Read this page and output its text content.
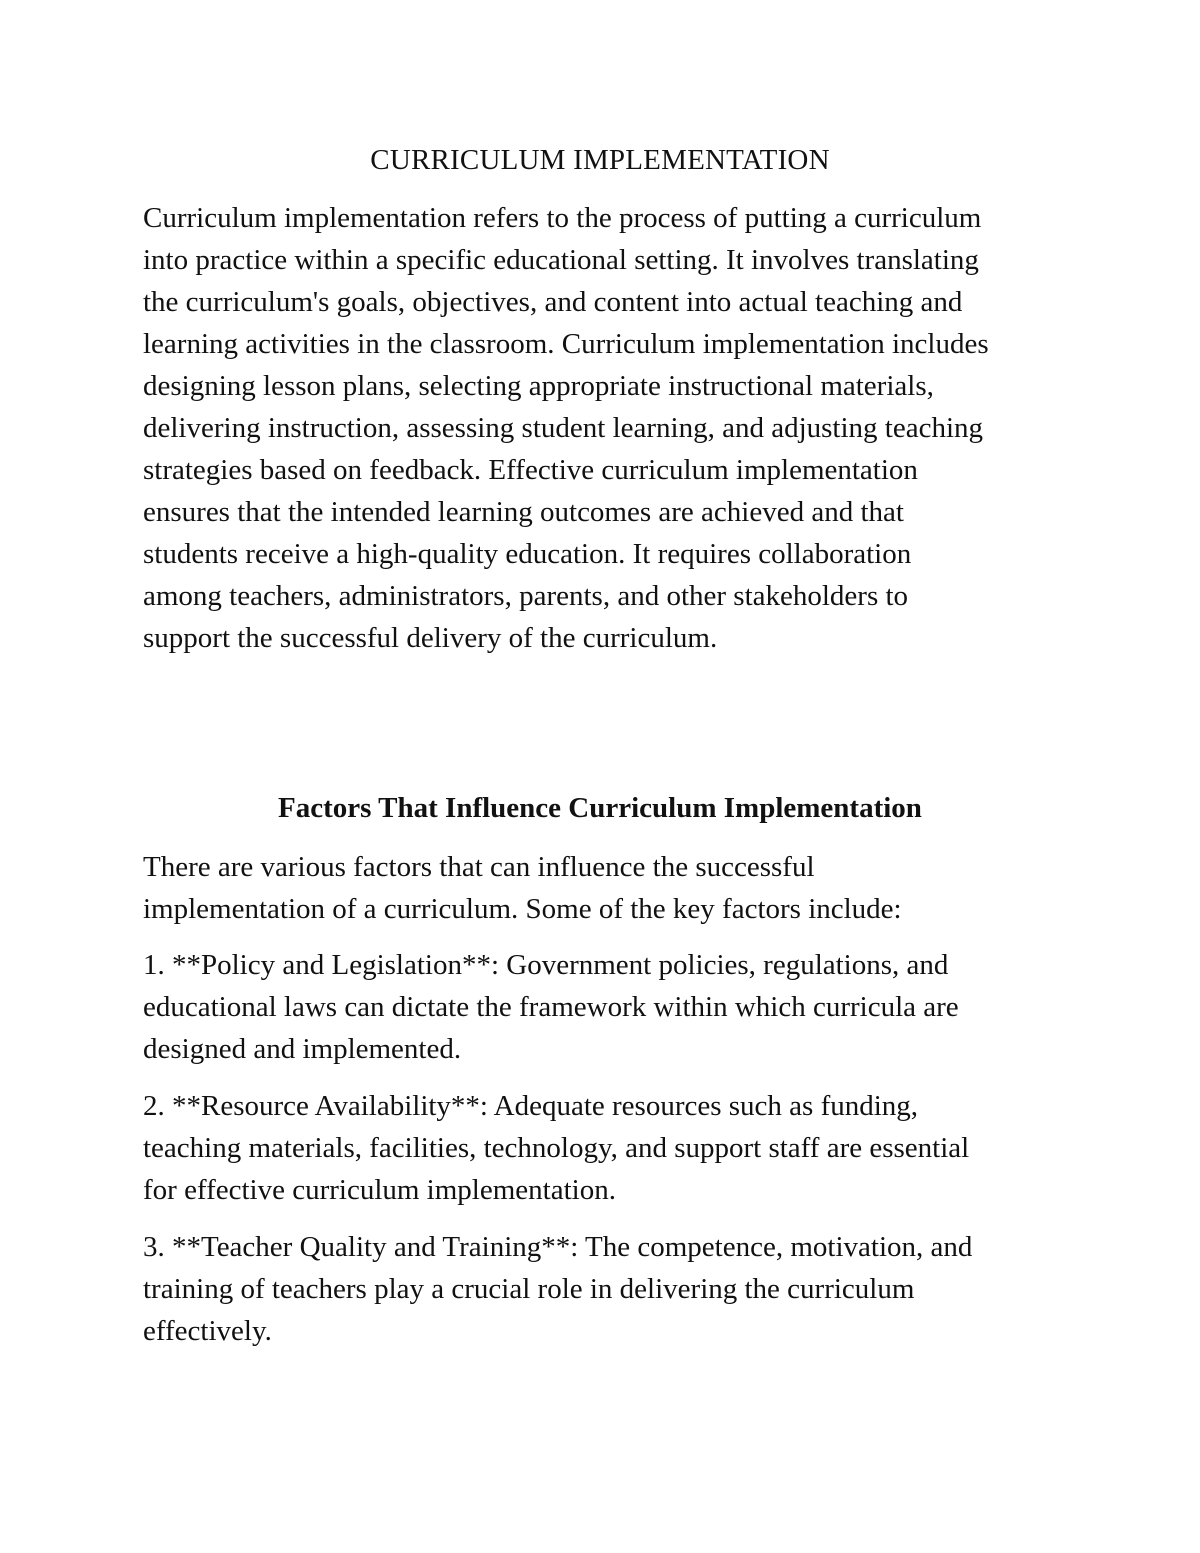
CURRICULUM IMPLEMENTATION

Curriculum implementation refers to the process of putting a curriculum
into practice within a specific educational setting. It involves translating
the curriculum's goals, objectives, and content into actual teaching and
learning activities in the classroom. Curriculum implementation includes
designing lesson plans, selecting appropriate instructional materials,
delivering instruction, assessing student learning, and adjusting teaching
strategies based on feedback. Effective curriculum implementation
ensures that the intended learning outcomes are achieved and that
students receive a high-quality education. It requires collaboration
among teachers, administrators, parents, and other stakeholders to
support the successful delivery of the curriculum.

Factors That Influence Curriculum Implementation

There are various factors that can influence the successful
implementation of a curriculum. Some of the key factors include:

1. **Policy and Legislation**: Government policies, regulations, and
educational laws can dictate the framework within which curricula are
designed and implemented.

2. **Resource Availability**: Adequate resources such as funding,
teaching materials, facilities, technology, and support staff are essential
for effective curriculum implementation.

3. **Teacher Quality and Training**: The competence, motivation, and
training of teachers play a crucial role in delivering the curriculum
effectively.
